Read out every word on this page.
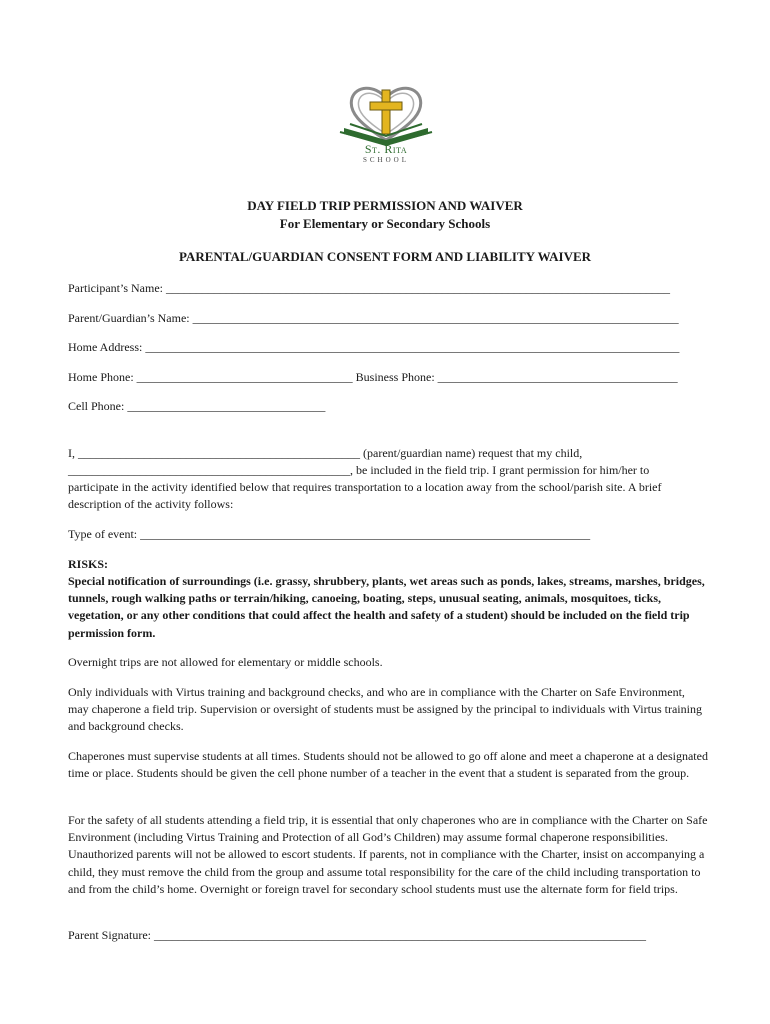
St. Rita
SCHOOL
DAY FIELD TRIP PERMISSION AND WAIVER
For Elementary or Secondary Schools
PARENTAL/GUARDIAN CONSENT FORM AND LIABILITY WAIVER
Participant’s Name: ____________________________________________________________________________________
Parent/Guardian’s Name: _________________________________________________________________________________
Home Address: _________________________________________________________________________________________
Home Phone: ____________________________________ Business Phone: ________________________________________
Cell Phone: _________________________________
I, _______________________________________________ (parent/guardian name) request that my child,
_______________________________________________, be included in the field trip. I grant permission for him/her to
participate in the activity identified below that requires transportation to a location away from the school/parish site. A brief
description of the activity follows:
Type of event: ___________________________________________________________________________
RISKS:
Special notification of surroundings (i.e. grassy, shrubbery, plants, wet areas such as ponds, lakes, streams, marshes, bridges, tunnels, rough walking paths or terrain/hiking, canoeing, boating, steps, unusual seating, animals, mosquitoes, ticks, vegetation, or any other conditions that could affect the health and safety of a student) should be included on the field trip permission form.
Overnight trips are not allowed for elementary or middle schools.
Only individuals with Virtus training and background checks, and who are in compliance with the Charter on Safe Environment, may chaperone a field trip. Supervision or oversight of students must be assigned by the principal to individuals with Virtus training and background checks.
Chaperones must supervise students at all times. Students should not be allowed to go off alone and meet a chaperone at a designated time or place. Students should be given the cell phone number of a teacher in the event that a student is separated from the group.
For the safety of all students attending a field trip, it is essential that only chaperones who are in compliance with the Charter on Safe Environment (including Virtus Training and Protection of all God’s Children) may assume formal chaperone responsibilities. Unauthorized parents will not be allowed to escort students. If parents, not in compliance with the Charter, insist on accompanying a child, they must remove the child from the group and assume total responsibility for the care of the child including transportation to and from the child’s home. Overnight or foreign travel for secondary school students must use the alternate form for field trips.
Parent Signature: __________________________________________________________________________________
